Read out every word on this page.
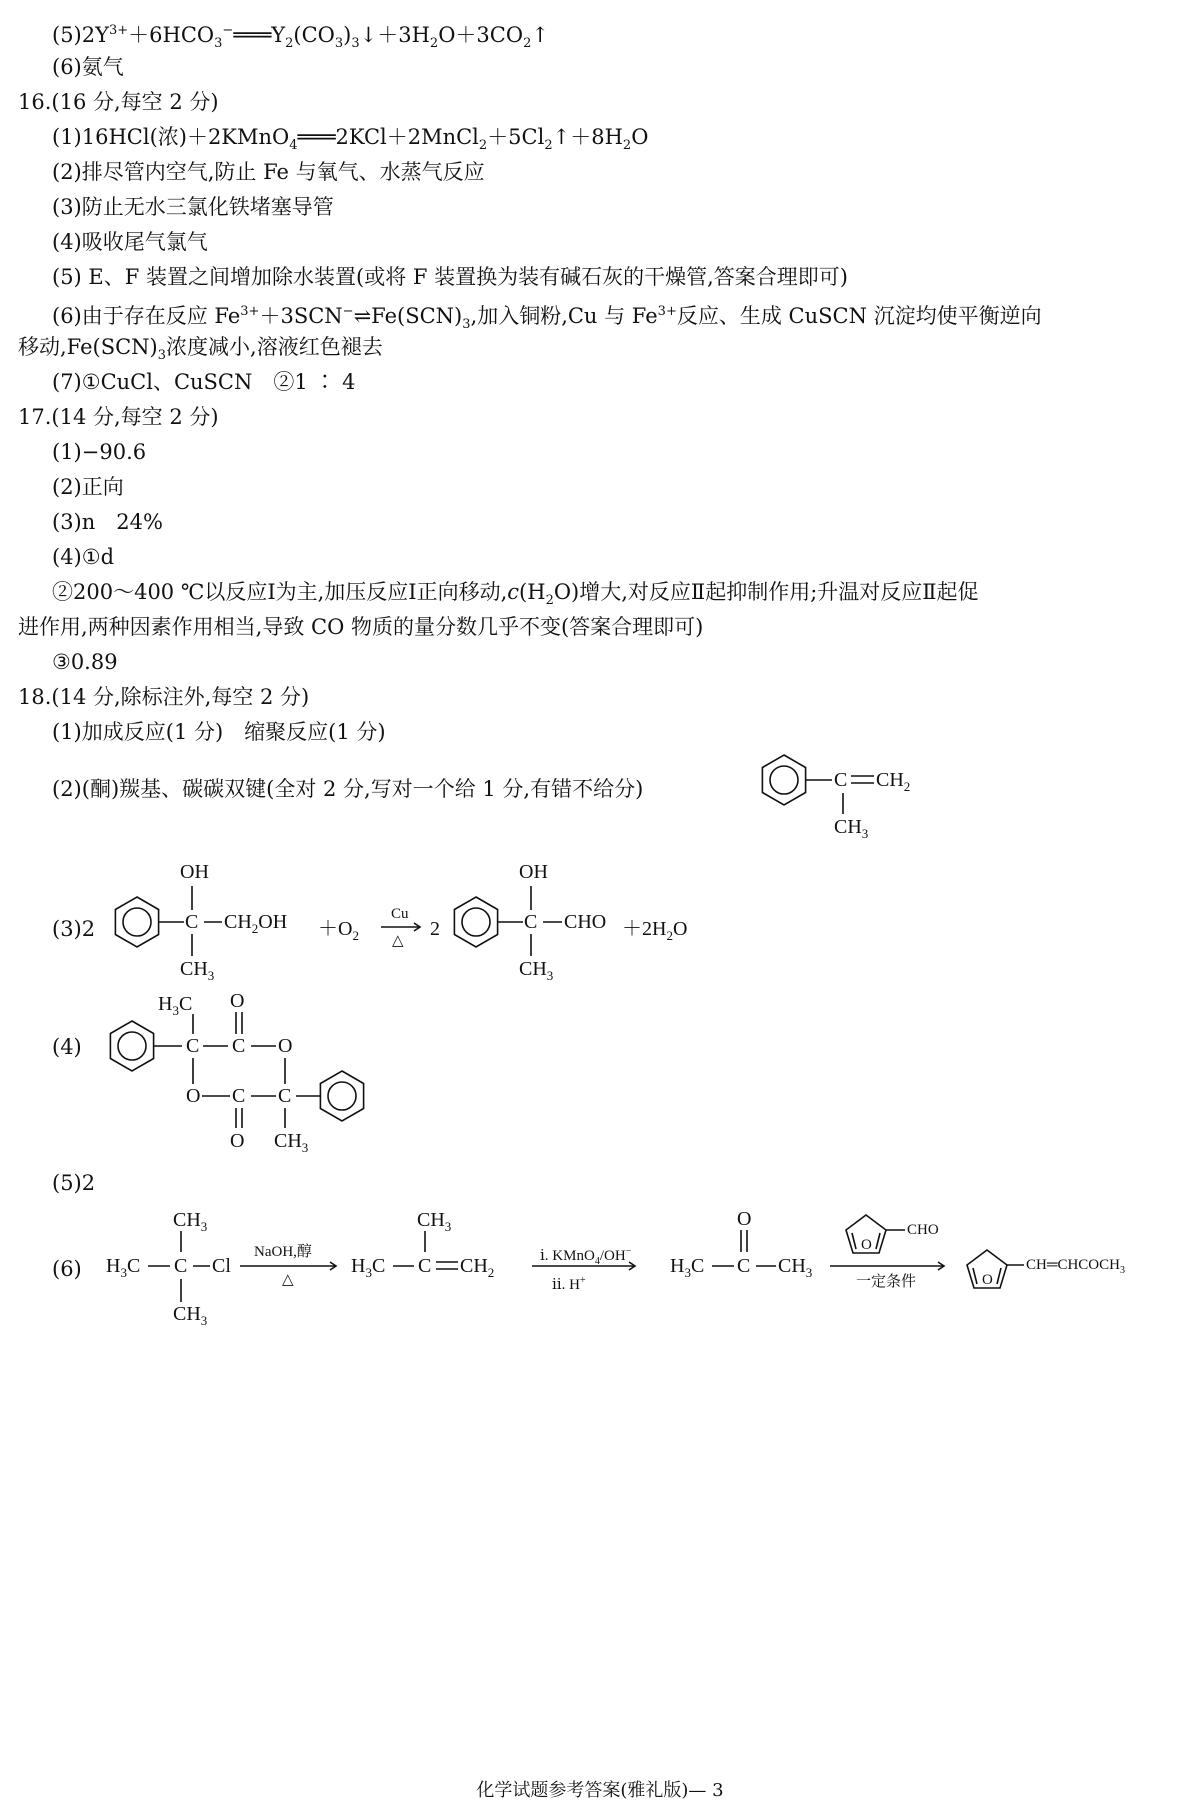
$(5)2Y^{3+}+6HCO_3^-═══Y_2(CO_3)_3↓+3H_2O+3CO_2↑$
(6)氨气
16.(16 分,每空 2 分)
(1)16HCl(浓)$+2KMnO_4═══2KCl+2MnCl_2+5Cl_2↑+8H_2O$
(2)排尽管内空气,防止 Fe 与氧气、水蒸气反应
(3)防止无水三氯化铁堵塞导管
(4)吸收尾气氯气
(5) E、F 装置之间增加除水装置(或将 F 装置换为装有碱石灰的干燥管,答案合理即可)
(6)由于存在反应 $Fe^{3+}+3SCN^-\rightleftharpoons Fe(SCN)_3$,加入铜粉,Cu 与 $Fe^{3+}$反应、生成 CuSCN 沉淀均使平衡逆向
移动$,Fe(SCN)_3$浓度减小,溶液红色褪去
(7)①CuCl、CuSCN　②1 ∶ 4
17.(14 分,每空 2 分)
(1)−90.6
(2)正向
(3)n　24%
(4)①d
②200～400 ℃以反应Ⅰ为主,加压反应Ⅰ正向移动$,c(H_2O)$增大,对反应Ⅱ起抑制作用;升温对反应Ⅱ起促
进作用,两种因素作用相当,导致 CO 物质的量分数几乎不变(答案合理即可)
③0.89
18.(14 分,除标注外,每空 2 分)
(1)加成反应(1 分)　缩聚反应(1 分)
(2)(酮)羰基、碳碳双键(全对 2 分,写对一个给 1 分,有错不给分)	C $CH_2$
$CH_3$
(3)2
OH
C $CH_2OH$
$CH_3$
$+O_2$
Cu
△
2
OH
C CHO
$CH_3$
$+2H_2O$
(4)
$H_3C$ O
C C O
O C C
O $CH_3$
(5)2
(6)
$CH_3$
$H_3C$ C Cl
$CH_3$
NaOH,醇
△
$CH_3$
$H_3C$ C $CH_2$
ⅰ. KMnO$_4$/OH−
ⅱ. H+
O
$H_3C$ C $CH_3$
O
CHO
一定条件	O
$CH═CHCOCH_3$
化学试题参考答案(雅礼版)— 3
